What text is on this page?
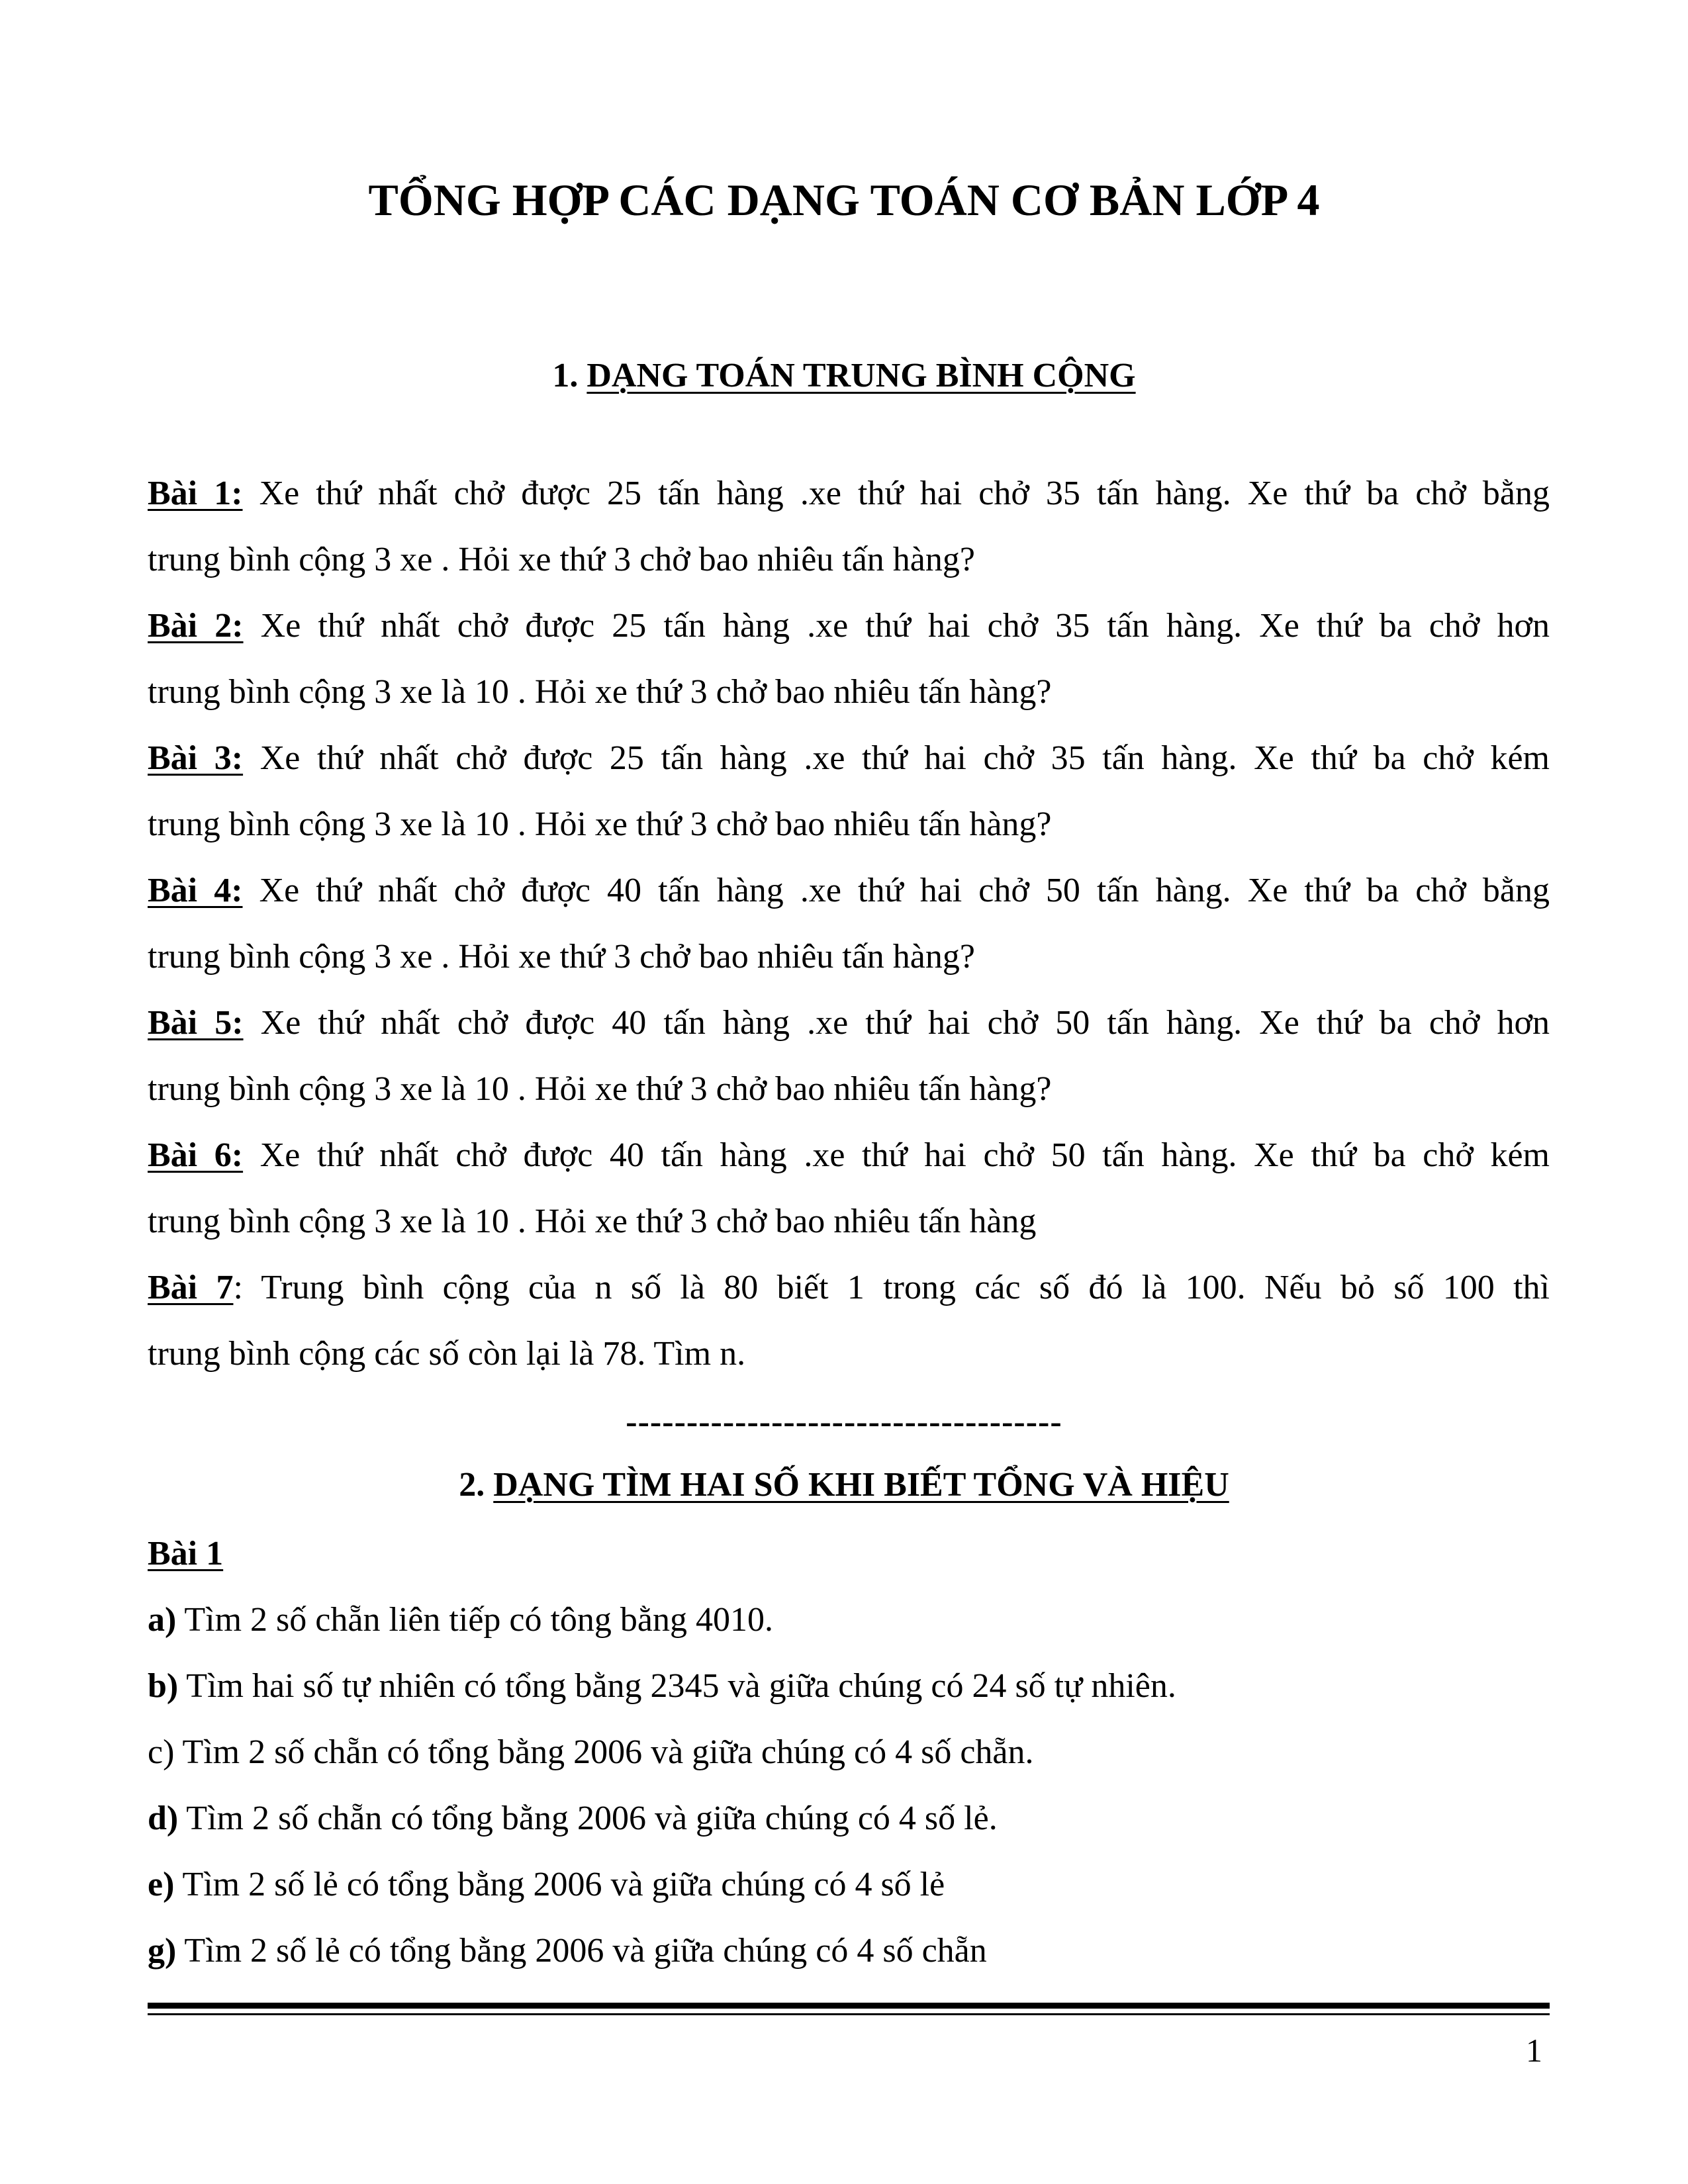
TỔNG HỢP CÁC DẠNG TOÁN CƠ BẢN LỚP 4
1. DẠNG TOÁN TRUNG BÌNH CỘNG
Bài 1: Xe thứ nhất chở được 25 tấn hàng .xe thứ hai chở 35 tấn hàng. Xe thứ ba chở bằng
trung bình cộng 3 xe . Hỏi xe thứ 3 chở bao nhiêu tấn hàng?
Bài 2: Xe thứ nhất chở được 25 tấn hàng .xe thứ hai chở 35 tấn hàng. Xe thứ ba chở hơn
trung bình cộng 3 xe là 10 . Hỏi xe thứ 3 chở bao nhiêu tấn hàng?
Bài 3: Xe thứ nhất chở được 25 tấn hàng .xe thứ hai chở 35 tấn hàng. Xe thứ ba chở kém
trung bình cộng 3 xe là 10 . Hỏi xe thứ 3 chở bao nhiêu tấn hàng?
Bài 4: Xe thứ nhất chở được 40 tấn hàng .xe thứ hai chở 50 tấn hàng. Xe thứ ba chở bằng
trung bình cộng 3 xe . Hỏi xe thứ 3 chở bao nhiêu tấn hàng?
Bài 5: Xe thứ nhất chở được 40 tấn hàng .xe thứ hai chở 50 tấn hàng. Xe thứ ba chở hơn
trung bình cộng 3 xe là 10 . Hỏi xe thứ 3 chở bao nhiêu tấn hàng?
Bài 6: Xe thứ nhất chở được 40 tấn hàng .xe thứ hai chở 50 tấn hàng. Xe thứ ba chở kém
trung bình cộng 3 xe là 10 . Hỏi xe thứ 3 chở bao nhiêu tấn hàng
Bài 7: Trung bình cộng của n số là 80 biết 1 trong các số đó là 100. Nếu bỏ số 100 thì
trung bình cộng các số còn lại là 78. Tìm n.
------------------------------------
2. DẠNG TÌM HAI SỐ KHI BIẾT TỔNG VÀ HIỆU
Bài 1
a) Tìm 2 số chẵn liên tiếp có tông bằng 4010.
b) Tìm hai số tự nhiên có tổng bằng 2345 và giữa chúng có 24 số tự nhiên.
c) Tìm 2 số chẵn có tổng bằng 2006 và giữa chúng có 4 số chẵn.
d) Tìm 2 số chẵn có tổng bằng 2006 và giữa chúng có 4 số lẻ.
e) Tìm 2 số lẻ có tổng bằng 2006 và giữa chúng có 4 số lẻ
g) Tìm 2 số lẻ có tổng bằng 2006 và giữa chúng có 4 số chẵn
1
